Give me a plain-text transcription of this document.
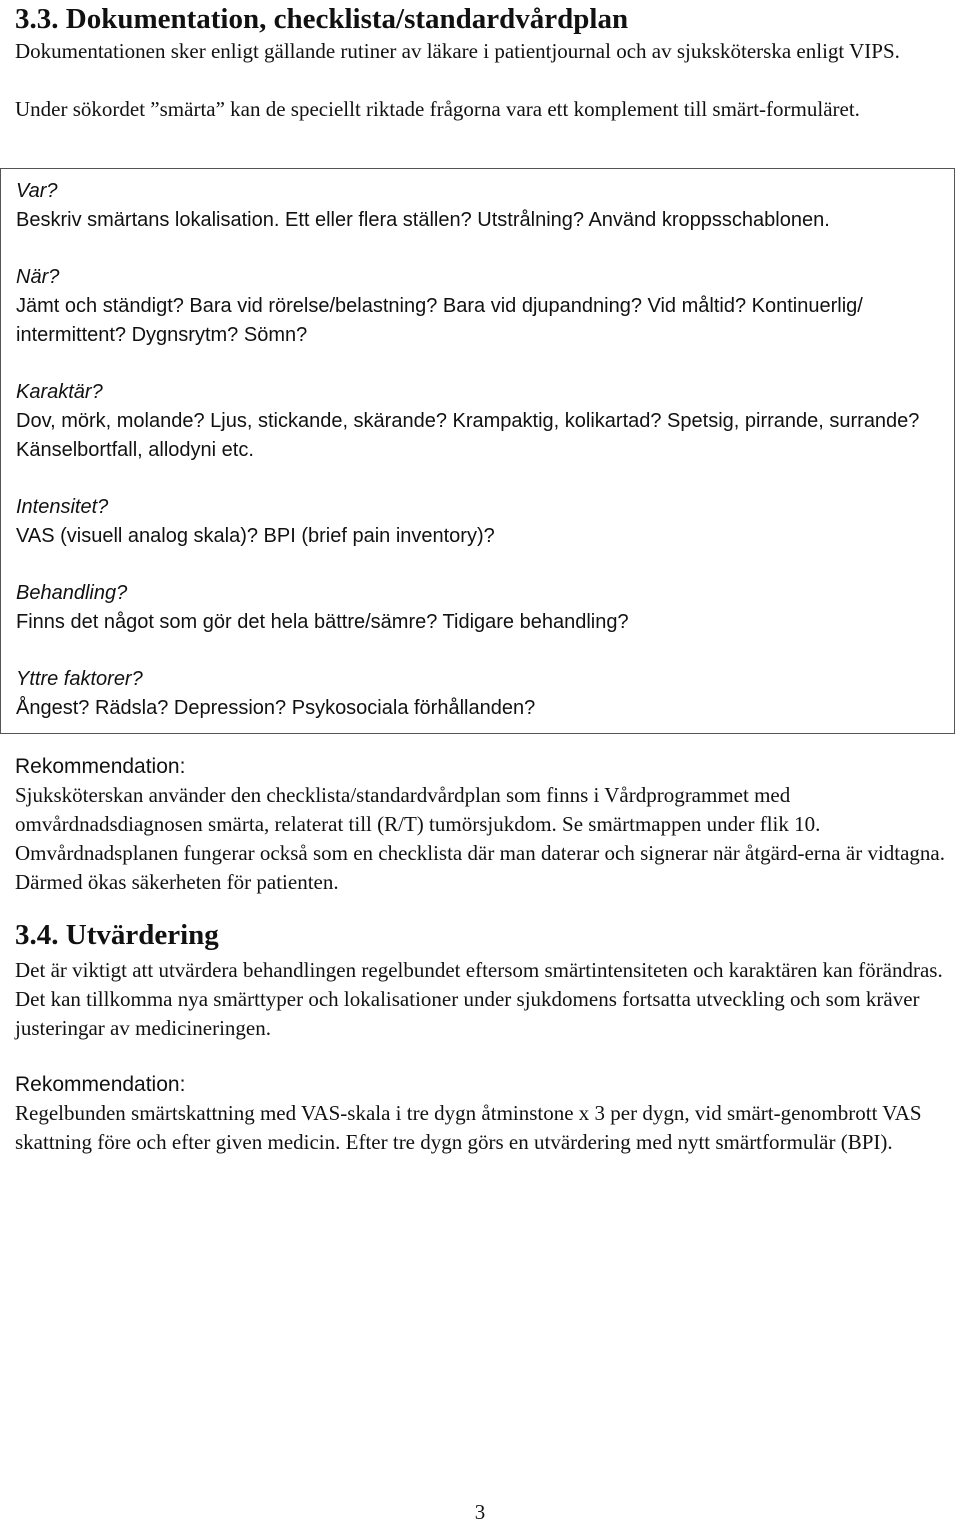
3.3. Dokumentation, checklista/standardvårdplan

Dokumentationen sker enligt gällande rutiner av läkare i patientjournal och av sjuksköterska enligt VIPS.

Under sökordet ”smärta” kan de speciellt riktade frågorna vara ett komplement till smärt-formuläret.

Var?

Beskriv smärtans lokalisation. Ett eller flera ställen? Utstrålning? Använd kroppsschablonen.

När?

Jämt och ständigt? Bara vid rörelse/belastning? Bara vid djupandning? Vid måltid? Kontinuerlig/ intermittent? Dygnsrytm? Sömn?

Karaktär?

Dov, mörk, molande? Ljus, stickande, skärande? Krampaktig, kolikartad? Spetsig, pirrande, surrande? Känselbortfall, allodyni etc.

Intensitet?

VAS (visuell analog skala)? BPI (brief pain inventory)?

Behandling?

Finns det något som gör det hela bättre/sämre? Tidigare behandling?

Yttre faktorer?

Ångest? Rädsla? Depression? Psykosociala förhållanden?

Rekommendation:

Sjuksköterskan använder den checklista/standardvårdplan som finns i Vårdprogrammet med omvårdnadsdiagnosen smärta, relaterat till (R/T) tumörsjukdom. Se smärtmappen under flik 10. Omvårdnadsplanen fungerar också som en checklista där man daterar och signerar när åtgärd-erna är vidtagna. Därmed ökas säkerheten för patienten.

3.4. Utvärdering

Det är viktigt att utvärdera behandlingen regelbundet eftersom smärtintensiteten och karaktären kan förändras. Det kan tillkomma nya smärttyper och lokalisationer under sjukdomens fortsatta utveckling och som kräver justeringar av medicineringen.

Rekommendation:

Regelbunden smärtskattning med VAS-skala i tre dygn åtminstone x 3 per dygn, vid smärt-genombrott VAS skattning före och efter given medicin. Efter tre dygn görs en utvärdering med nytt smärtformulär (BPI).

3
